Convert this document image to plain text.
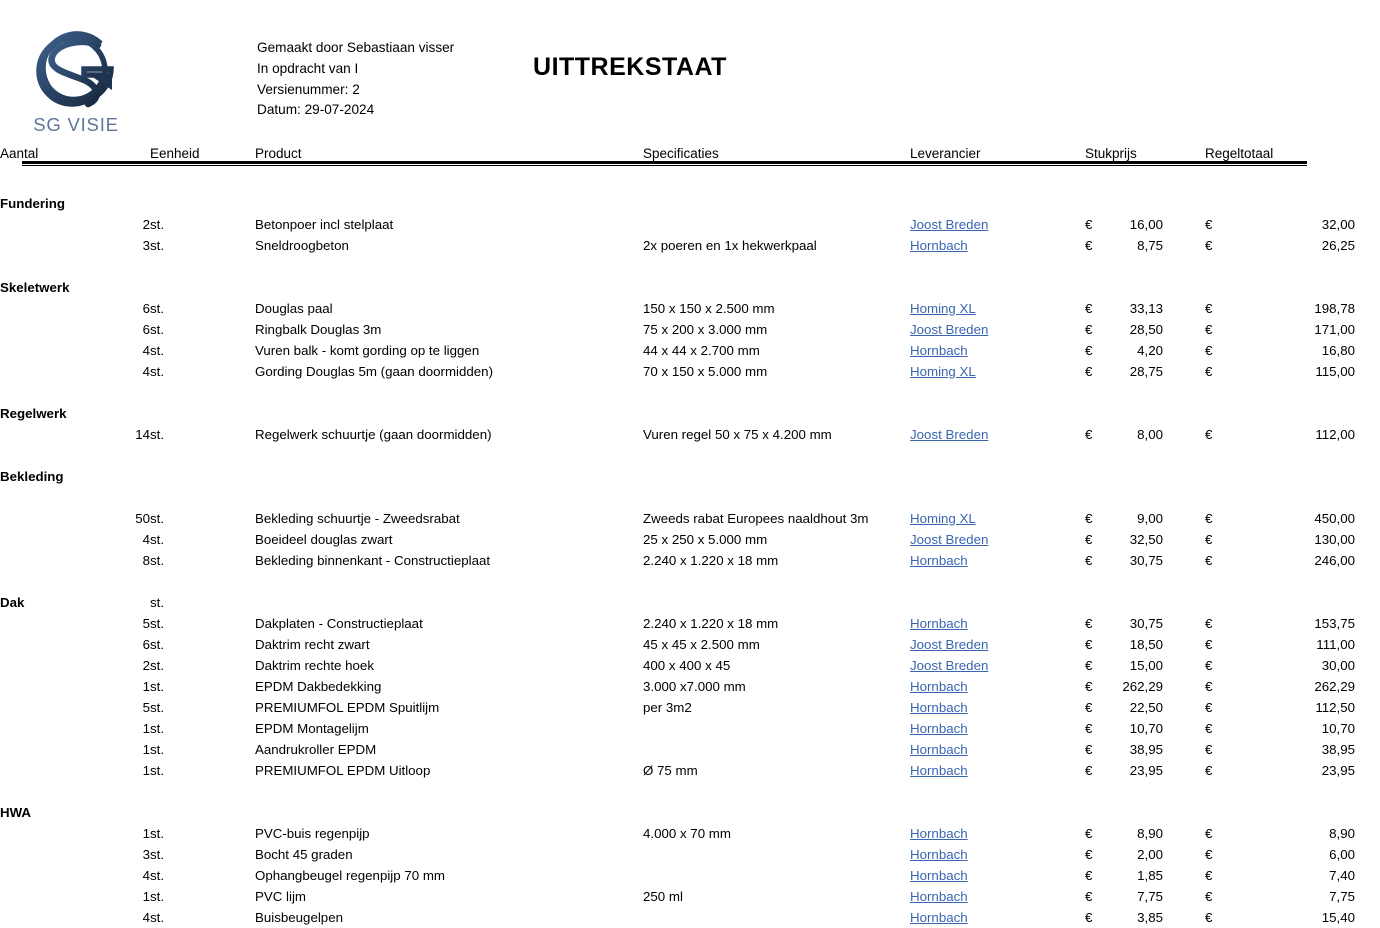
SG VISIE
Gemaakt door Sebastiaan visser
In opdracht van I
Versienummer: 2
Datum: 29-07-2024
uittrekstaat
Aantal	Eenheid	Product	Specificaties	Leverancier	Stukprijs	Regeltotaal

Fundering						
2	st.	Betonpoer incl stelplaat		Joost Breden	€ 16,00	€ 32,00

3	st.	Sneldroogbeton	2x poeren en 1x hekwerkpaal	Hornbach	€ 8,75	€ 26,25

Skeletwerk						
6	st.	Douglas paal	150 x 150 x 2.500 mm	Homing XL	€ 33,13	€ 198,78

6	st.	Ringbalk Douglas 3m	75 x 200 x 3.000 mm	Joost Breden	€ 28,50	€ 171,00

4	st.	Vuren balk - komt gording op te liggen	44 x 44 x 2.700 mm	Hornbach	€ 4,20	€ 16,80

4	st.	Gording Douglas 5m (gaan doormidden)	70 x 150 x 5.000 mm	Homing XL	€ 28,75	€ 115,00

Regelwerk						
14	st.	Regelwerk schuurtje (gaan doormidden)	Vuren regel 50 x 75 x 4.200 mm	Joost Breden	€ 8,00	€ 112,00

Bekleding						

50	st.	Bekleding schuurtje - Zweedsrabat	Zweeds rabat Europees naaldhout 3m	Homing XL	€ 9,00	€ 450,00

4	st.	Boeideel douglas zwart	25 x 250 x 5.000 mm	Joost Breden	€ 32,50	€ 130,00

8	st.	Bekleding binnenkant - Constructieplaat	2.240 x 1.220 x 18 mm	Hornbach	€ 30,75	€ 246,00

Dak	st.					
5	st.	Dakplaten - Constructieplaat	2.240 x 1.220 x 18 mm	Hornbach	€ 30,75	€ 153,75

6	st.	Daktrim recht zwart	45 x 45 x 2.500 mm	Joost Breden	€ 18,50	€ 111,00

2	st.	Daktrim rechte hoek	400 x 400 x 45	Joost Breden	€ 15,00	€ 30,00

1	st.	EPDM Dakbedekking	3.000 x7.000 mm	Hornbach	€ 262,29	€ 262,29

5	st.	PREMIUMFOL EPDM Spuitlijm	per 3m2	Hornbach	€ 22,50	€ 112,50

1	st.	EPDM Montagelijm		Hornbach	€ 10,70	€ 10,70

1	st.	Aandrukroller EPDM		Hornbach	€ 38,95	€ 38,95

1	st.	PREMIUMFOL EPDM Uitloop	Ø 75 mm	Hornbach	€ 23,95	€ 23,95

HWA						
1	st.	PVC-buis regenpijp	4.000 x 70 mm	Hornbach	€ 8,90	€ 8,90

3	st.	Bocht 45 graden		Hornbach	€ 2,00	€ 6,00

4	st.	Ophangbeugel regenpijp 70 mm		Hornbach	€ 1,85	€ 7,40

1	st.	PVC lijm	250 ml	Hornbach	€ 7,75	€ 7,75

4	st.	Buisbeugelpen		Hornbach	€ 3,85	€ 15,40
